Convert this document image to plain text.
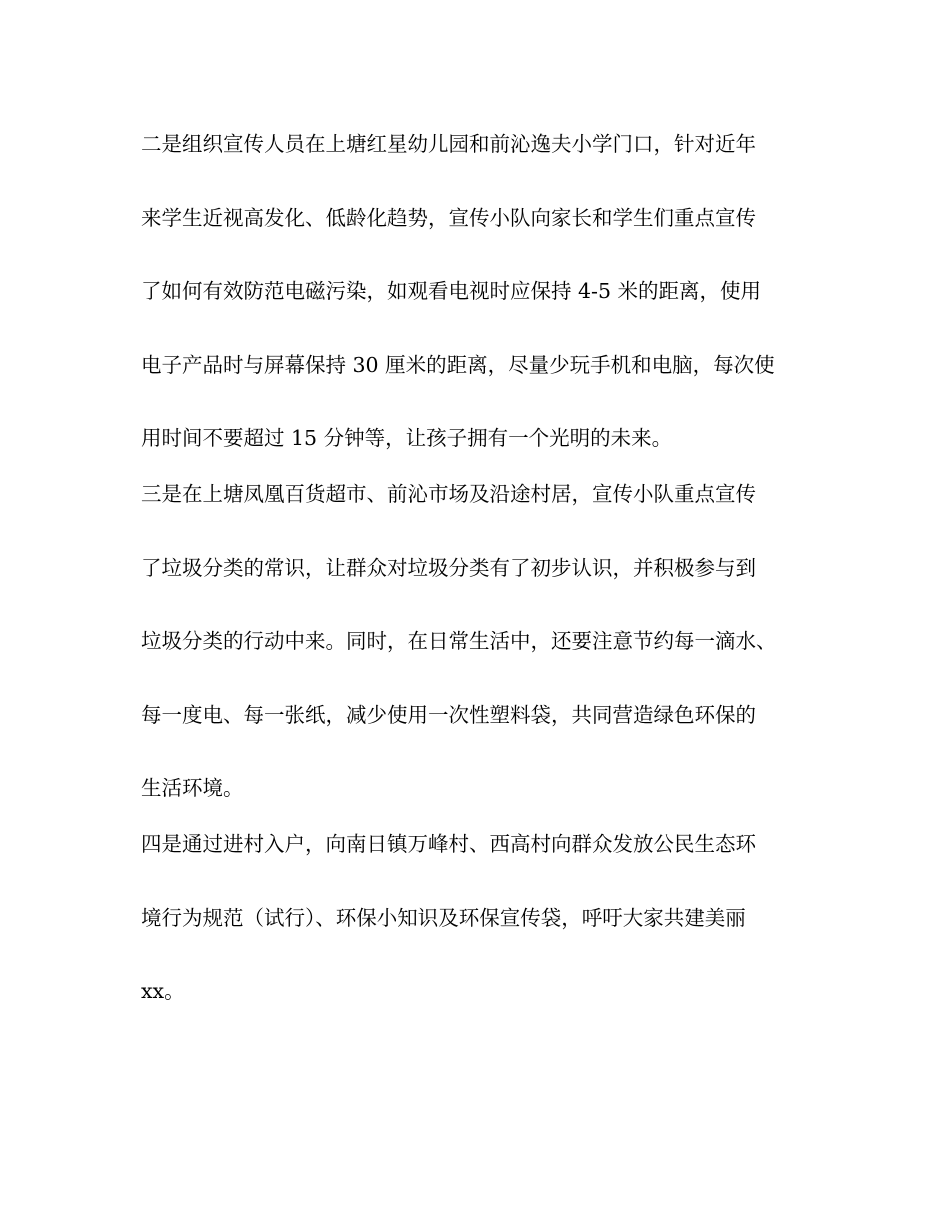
二是组织宣传人员在上塘红星幼儿园和前沁逸夫小学门口，针对近年
来学生近视高发化、低龄化趋势，宣传小队向家长和学生们重点宣传
了如何有效防范电磁污染，如观看电视时应保持 4-5 米的距离，使用
电子产品时与屏幕保持 30 厘米的距离，尽量少玩手机和电脑，每次使
用时间不要超过 15 分钟等，让孩子拥有一个光明的未来。
三是在上塘凤凰百货超市、前沁市场及沿途村居，宣传小队重点宣传
了垃圾分类的常识，让群众对垃圾分类有了初步认识，并积极参与到
垃圾分类的行动中来。同时，在日常生活中，还要注意节约每一滴水、
每一度电、每一张纸，减少使用一次性塑料袋，共同营造绿色环保的
生活环境。
四是通过进村入户，向南日镇万峰村、西高村向群众发放公民生态环
境行为规范（试行）、环保小知识及环保宣传袋，呼吁大家共建美丽
xx。
